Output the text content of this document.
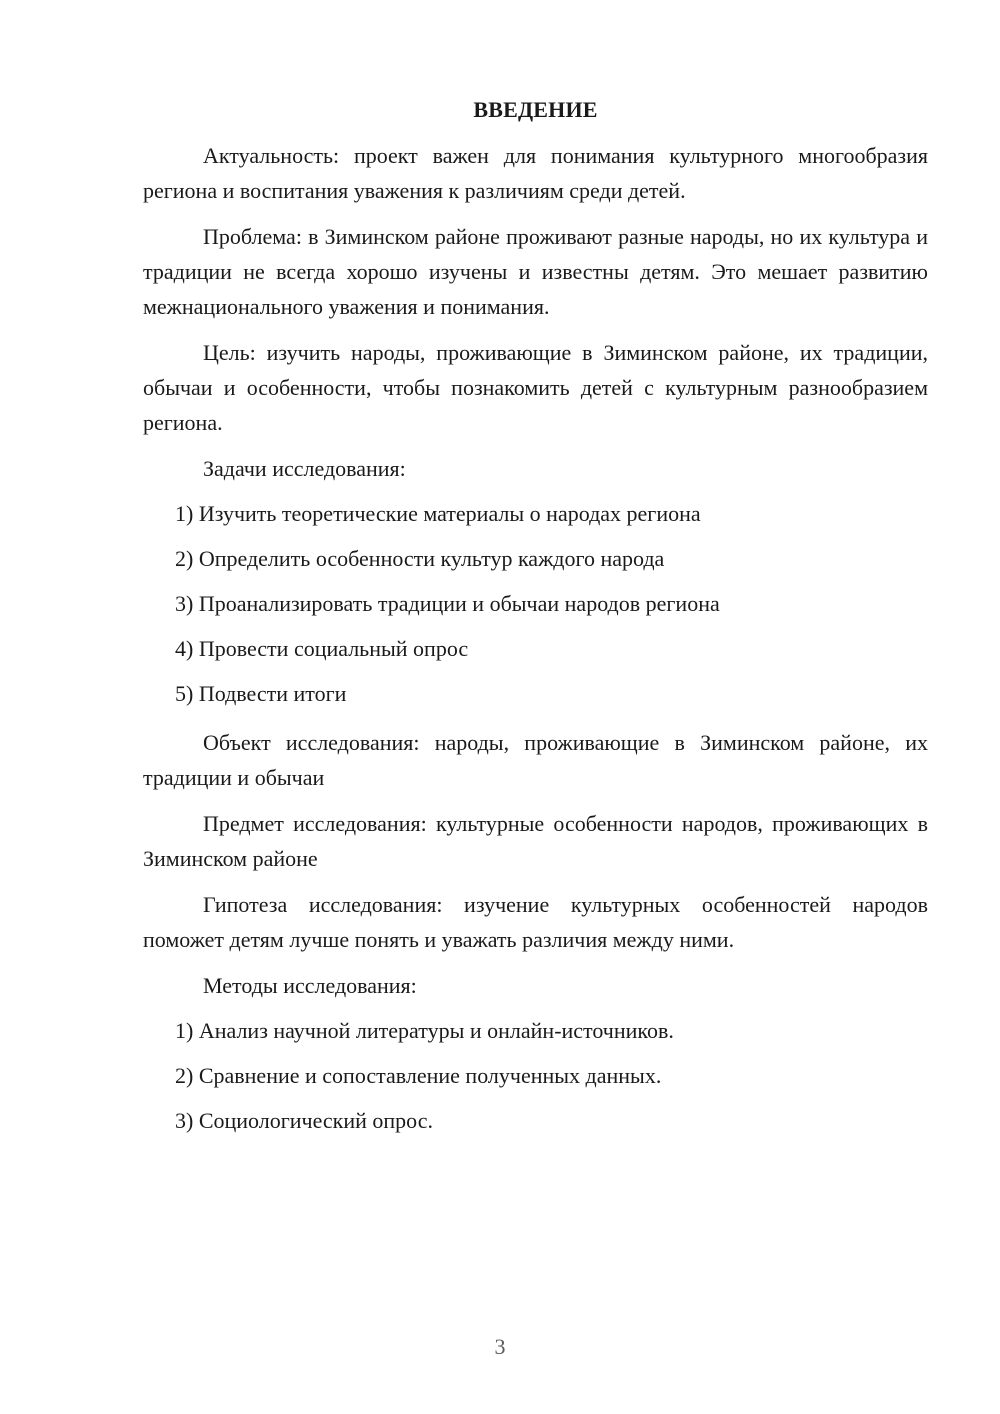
ВВЕДЕНИЕ

Актуальность: проект важен для понимания культурного многообразия региона и воспитания уважения к различиям среди детей.

Проблема: в Зиминском районе проживают разные народы, но их культура и традиции не всегда хорошо изучены и известны детям. Это мешает развитию межнационального уважения и понимания.

Цель: изучить народы, проживающие в Зиминском районе, их традиции, обычаи и особенности, чтобы познакомить детей с культурным разнообразием региона.

Задачи исследования:

1) Изучить теоретические материалы о народах региона

2) Определить особенности культур каждого народа

3) Проанализировать традиции и обычаи народов региона

4) Провести социальный опрос

5) Подвести итоги

Объект исследования: народы, проживающие в Зиминском районе, их традиции и обычаи

Предмет исследования: культурные особенности народов, проживающих в Зиминском районе

Гипотеза исследования: изучение культурных особенностей народов поможет детям лучше понять и уважать различия между ними.

Методы исследования:

1) Анализ научной литературы и онлайн-источников.

2) Сравнение и сопоставление полученных данных.

3) Социологический опрос.

3
